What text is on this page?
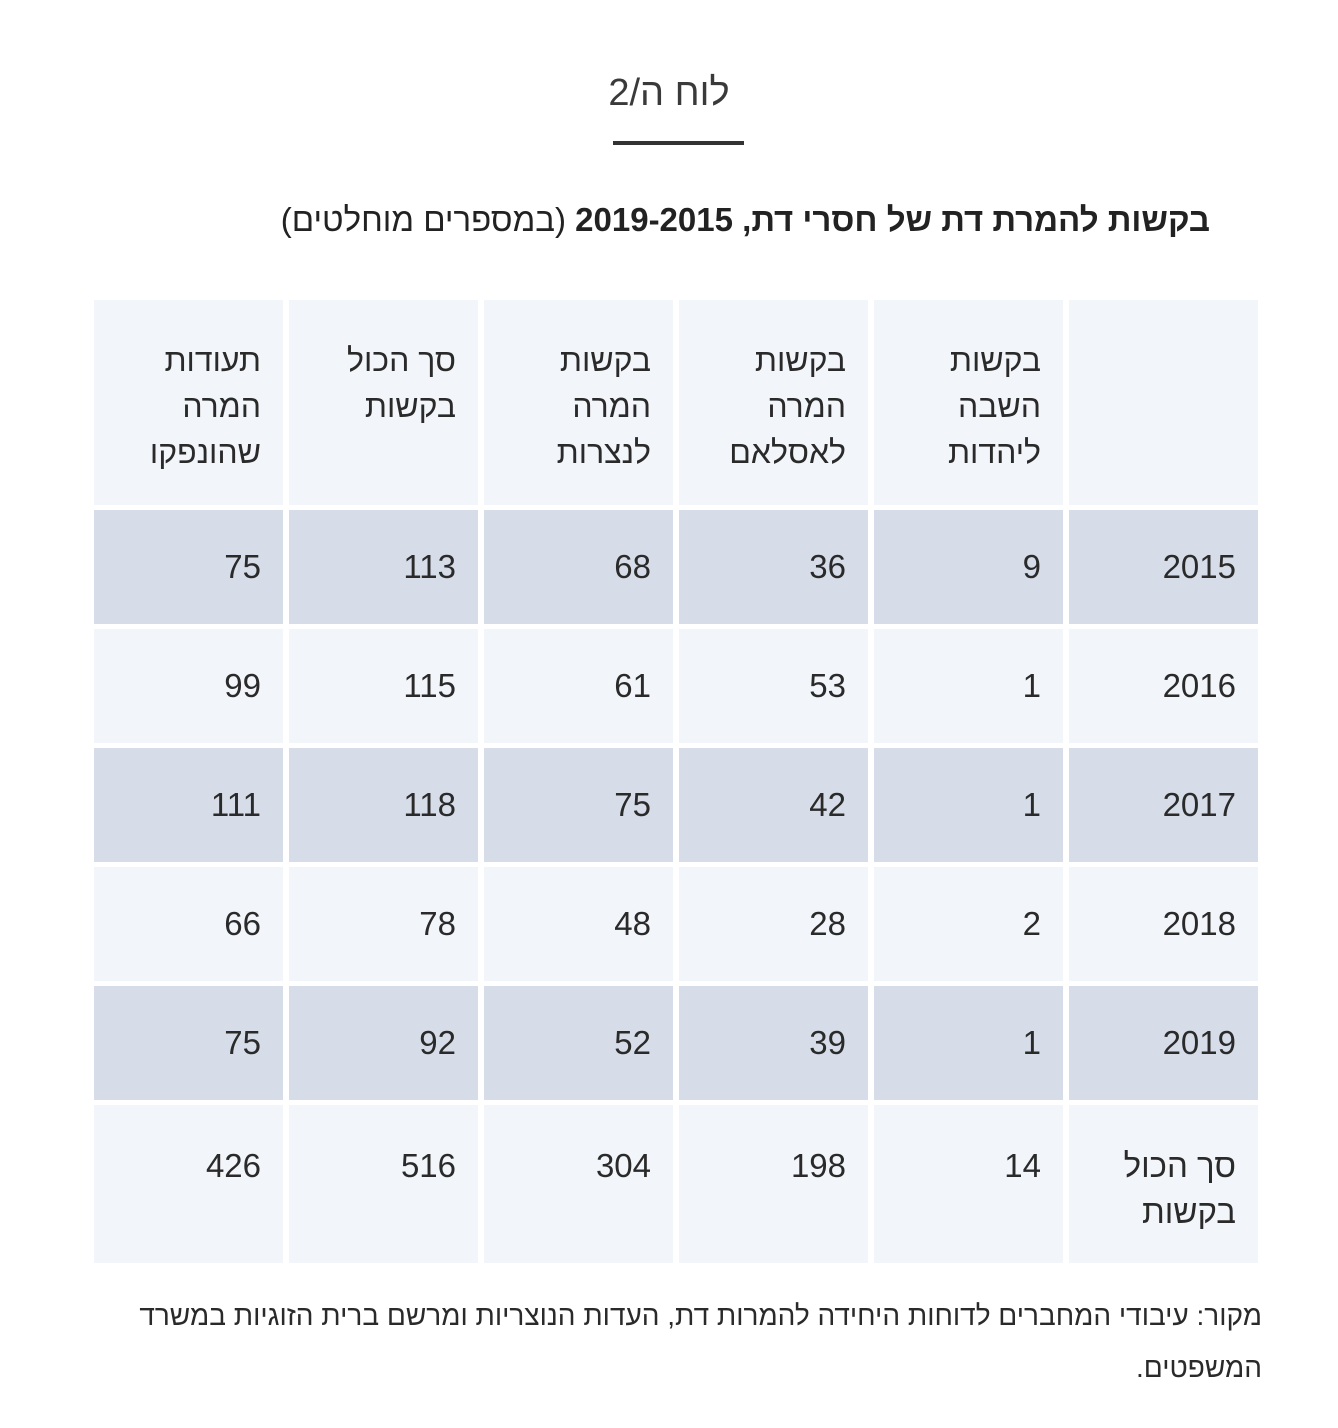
לוח ה/2
בקשות להמרת דת של חסרי דת, 2019-2015 (במספרים מוחלטים)
בקשות השבה ליהדות
בקשות המרה לאסלאם
בקשות המרה לנצרות
סך הכול בקשות
תעודות המרה שהונפקו
2015
9
36
68
113
75
2016
1
53
61
115
99
2017
1
42
75
118
111
2018
2
28
48
78
66
2019
1
39
52
92
75
סך הכול בקשות
14
198
304
516
426
מקור: עיבודי המחברים לדוחות היחידה להמרות דת, העדות הנוצריות ומרשם ברית הזוגיות במשרד המשפטים.
